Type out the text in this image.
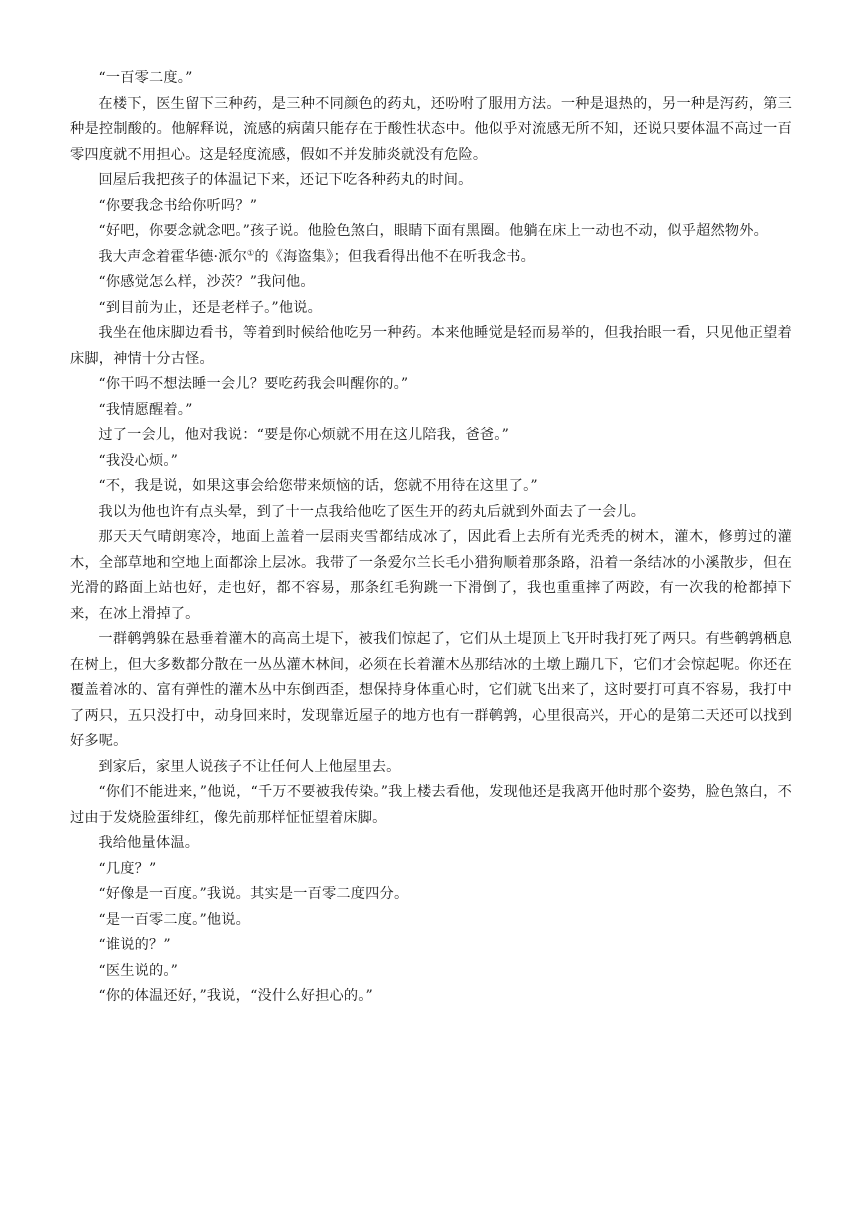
“一百零二度。”

在楼下，医生留下三种药，是三种不同颜色的药丸，还吩咐了服用方法。一种是退热的，另一种是泻药，第三种是控制酸的。他解释说，流感的病菌只能存在于酸性状态中。他似乎对流感无所不知，还说只要体温不高过一百零四度就不用担心。这是轻度流感，假如不并发肺炎就没有危险。

回屋后我把孩子的体温记下来，还记下吃各种药丸的时间。

“你要我念书给你听吗？”

“好吧，你要念就念吧。”孩子说。他脸色煞白，眼睛下面有黑圈。他躺在床上一动也不动，似乎超然物外。

我大声念着霍华德·派尔①的《海盗集》；但我看得出他不在听我念书。

“你感觉怎么样，沙茨？”我问他。

“到目前为止，还是老样子。”他说。

我坐在他床脚边看书，等着到时候给他吃另一种药。本来他睡觉是轻而易举的，但我抬眼一看，只见他正望着床脚，神情十分古怪。

“你干吗不想法睡一会儿？要吃药我会叫醒你的。”

“我情愿醒着。”

过了一会儿，他对我说：“要是你心烦就不用在这儿陪我，爸爸。”

“我没心烦。”

“不，我是说，如果这事会给您带来烦恼的话，您就不用待在这里了。”

我以为他也许有点头晕，到了十一点我给他吃了医生开的药丸后就到外面去了一会儿。

那天天气晴朗寒冷，地面上盖着一层雨夹雪都结成冰了，因此看上去所有光秃秃的树木，灌木，修剪过的灌木，全部草地和空地上面都涂上层冰。我带了一条爱尔兰长毛小猎狗顺着那条路，沿着一条结冰的小溪散步，但在光滑的路面上站也好，走也好，都不容易，那条红毛狗跳一下滑倒了，我也重重摔了两跤，有一次我的枪都掉下来，在冰上滑掉了。

一群鹌鹑躲在悬垂着灌木的高高土堤下，被我们惊起了，它们从土堤顶上飞开时我打死了两只。有些鹌鹑栖息在树上，但大多数都分散在一丛丛灌木林间，必须在长着灌木丛那结冰的土墩上蹦几下，它们才会惊起呢。你还在覆盖着冰的、富有弹性的灌木丛中东倒西歪，想保持身体重心时，它们就飞出来了，这时要打可真不容易，我打中了两只，五只没打中，动身回来时，发现靠近屋子的地方也有一群鹌鹑，心里很高兴，开心的是第二天还可以找到好多呢。

到家后，家里人说孩子不让任何人上他屋里去。

“你们不能进来，”他说，“千万不要被我传染。”我上楼去看他，发现他还是我离开他时那个姿势，脸色煞白，不过由于发烧脸蛋绯红，像先前那样怔怔望着床脚。

我给他量体温。

“几度？”

“好像是一百度。”我说。其实是一百零二度四分。

“是一百零二度。”他说。

“谁说的？”

“医生说的。”

“你的体温还好，”我说，“没什么好担心的。”
